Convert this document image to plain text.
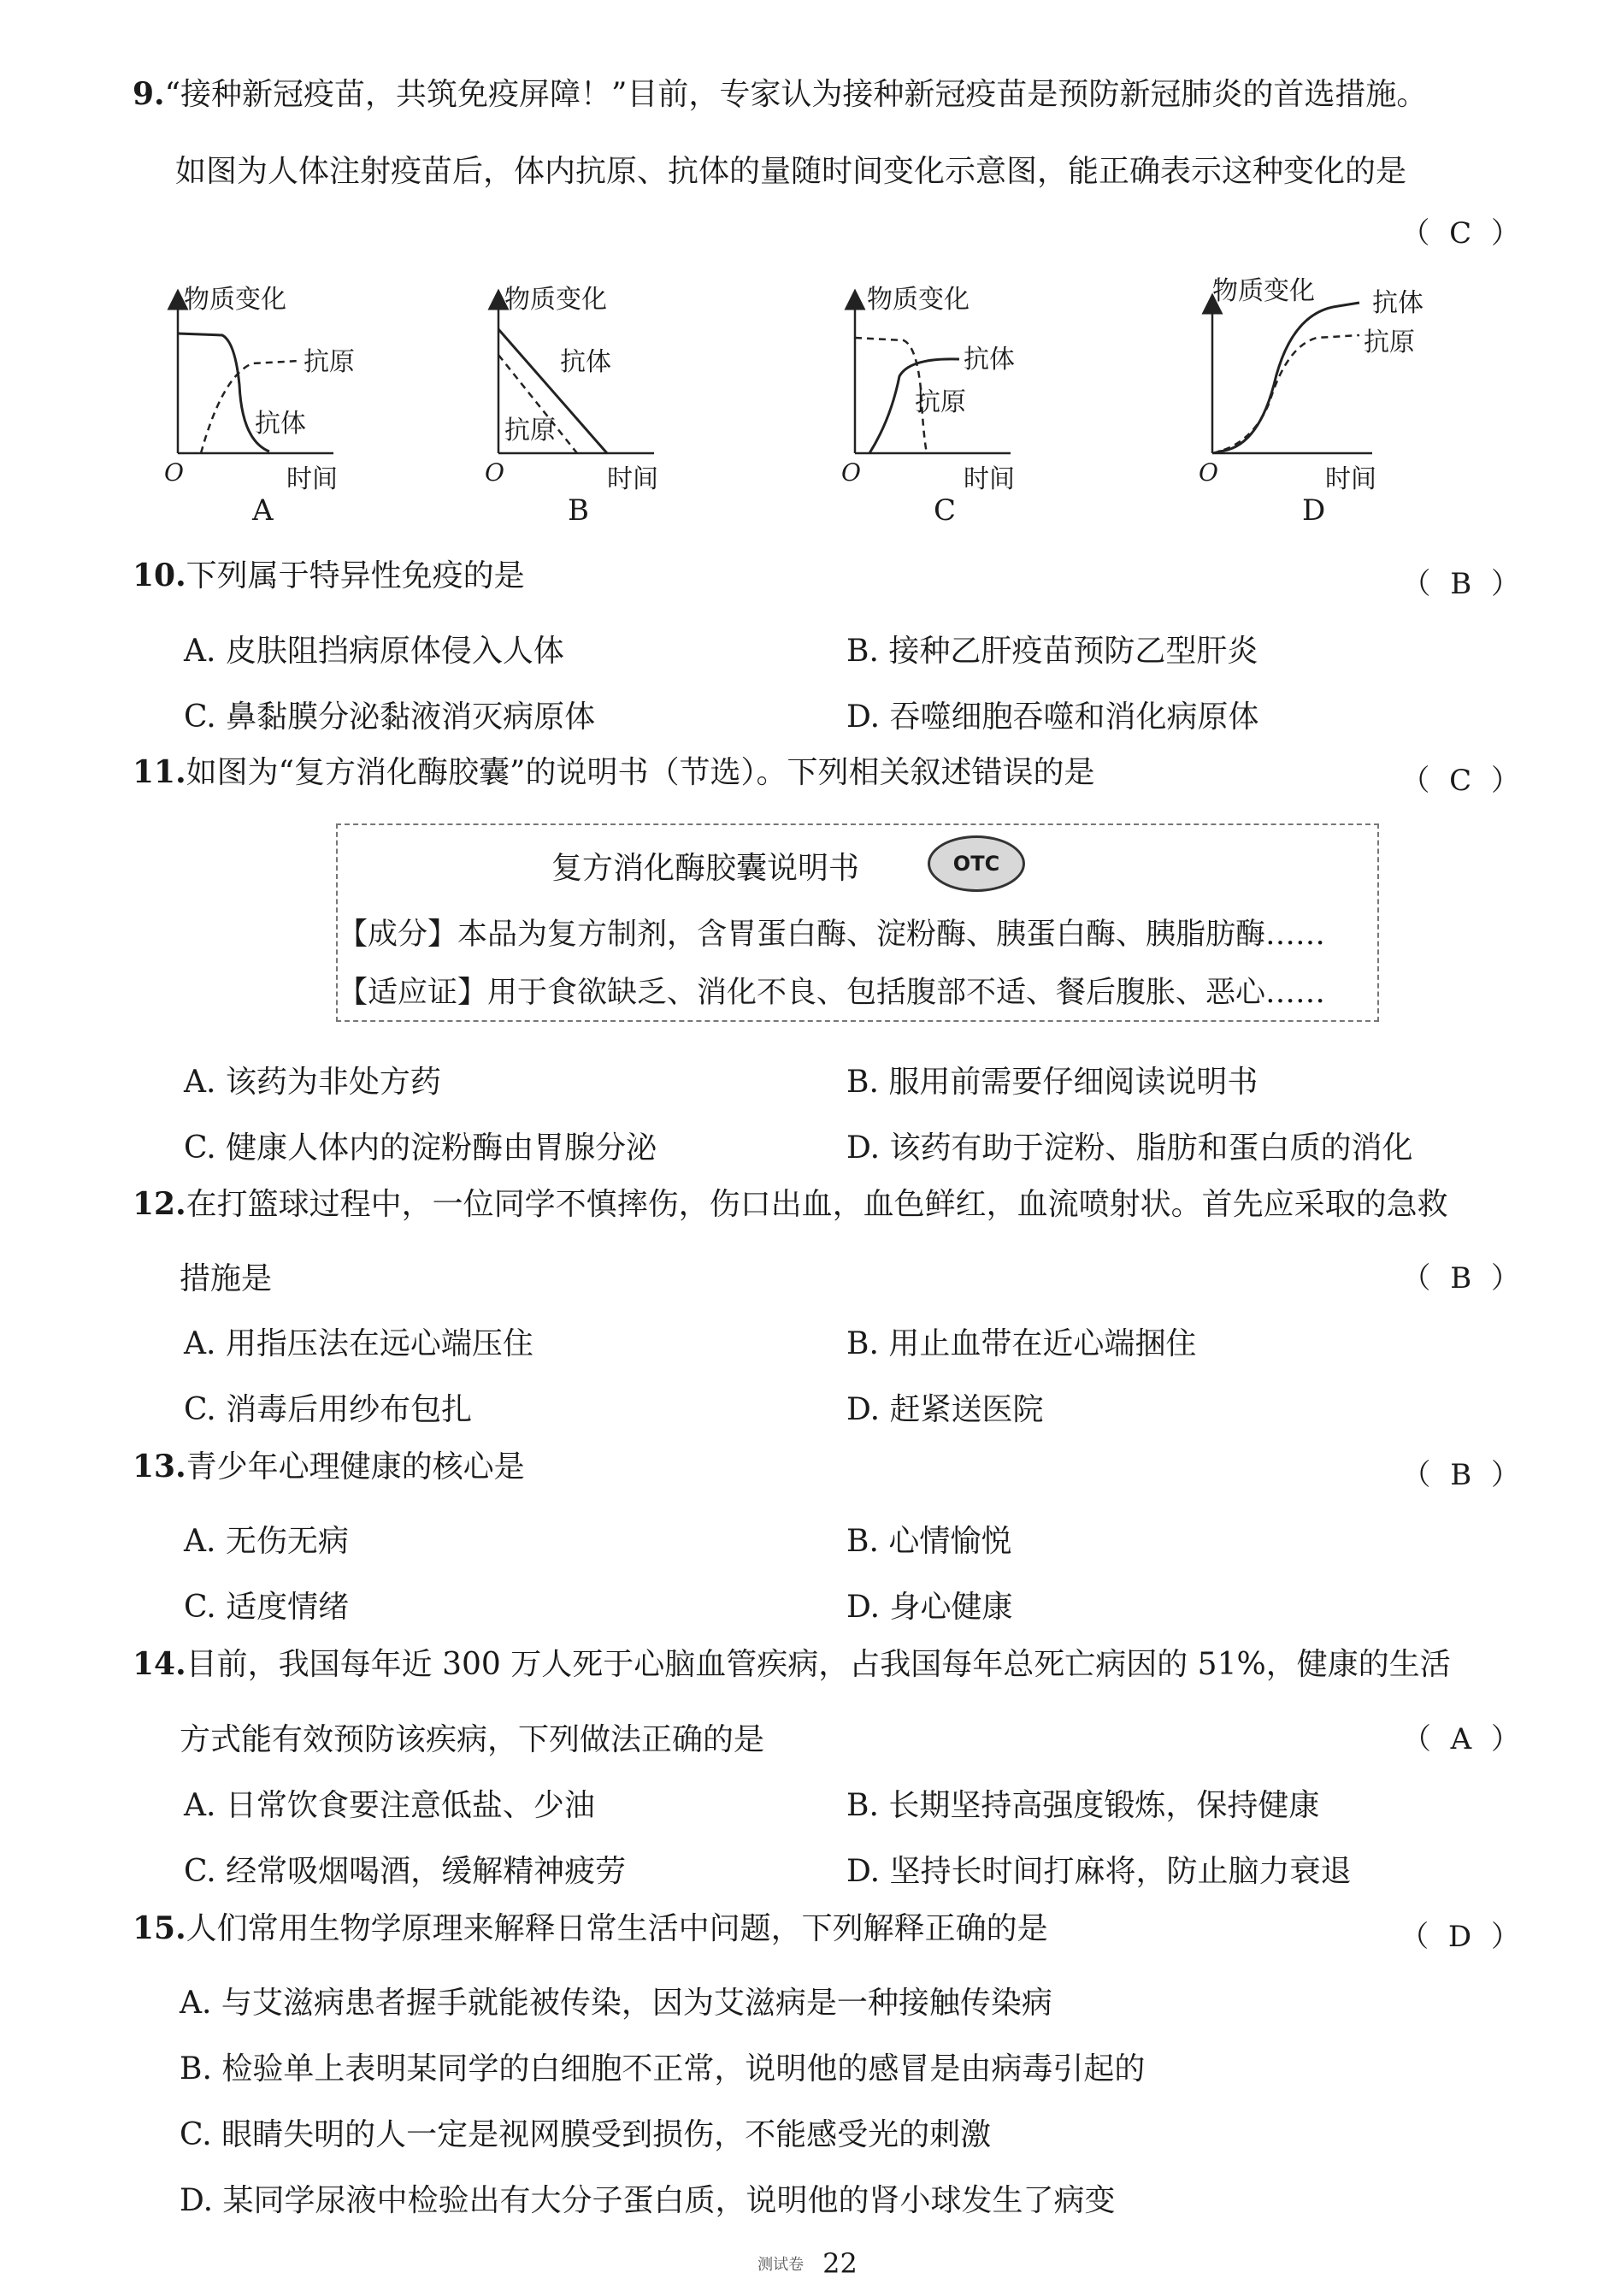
9.“接种新冠疫苗，共筑免疫屏障！”目前，专家认为接种新冠疫苗是预防新冠肺炎的首选措施。
如图为人体注射疫苗后，体内抗原、抗体的量随时间变化示意图，能正确表示这种变化的是
（ C ）
物质变化
抗原
抗体
O	时间
A
物质变化
抗体
抗原
O	时间
B
物质变化
抗体
抗原
O	时间
C
物质变化 抗体
抗原
O	时间
D
10.下列属于特异性免疫的是	（ B ）
A. 皮肤阻挡病原体侵入人体	B. 接种乙肝疫苗预防乙型肝炎
C. 鼻黏膜分泌黏液消灭病原体	D. 吞噬细胞吞噬和消化病原体
11.如图为“复方消化酶胶囊”的说明书（节选）。下列相关叙述错误的是	（ C ）
复方消化酶胶囊说明书	OTC
【成分】本品为复方制剂，含胃蛋白酶、淀粉酶、胰蛋白酶、胰脂肪酶……
【适应证】用于食欲缺乏、消化不良、包括腹部不适、餐后腹胀、恶心……
A. 该药为非处方药	B. 服用前需要仔细阅读说明书
C. 健康人体内的淀粉酶由胃腺分泌	D. 该药有助于淀粉、脂肪和蛋白质的消化
12.在打篮球过程中，一位同学不慎摔伤，伤口出血，血色鲜红，血流喷射状。首先应采取的急救
措施是	（ B ）
A. 用指压法在远心端压住	B. 用止血带在近心端捆住
C. 消毒后用纱布包扎	D. 赶紧送医院
13.青少年心理健康的核心是	（ B ）
A. 无伤无病	B. 心情愉悦
C. 适度情绪	D. 身心健康
14.目前，我国每年近 300 万人死于心脑血管疾病，占我国每年总死亡病因的 51%，健康的生活
方式能有效预防该疾病，下列做法正确的是	（ A ）
A. 日常饮食要注意低盐、少油	B. 长期坚持高强度锻炼，保持健康
C. 经常吸烟喝酒，缓解精神疲劳	D. 坚持长时间打麻将，防止脑力衰退
15.人们常用生物学原理来解释日常生活中问题，下列解释正确的是	（ D ）
A. 与艾滋病患者握手就能被传染，因为艾滋病是一种接触传染病
B. 检验单上表明某同学的白细胞不正常，说明他的感冒是由病毒引起的
C. 眼睛失明的人一定是视网膜受到损伤，不能感受光的刺激
D. 某同学尿液中检验出有大分子蛋白质，说明他的肾小球发生了病变
测试卷 22
